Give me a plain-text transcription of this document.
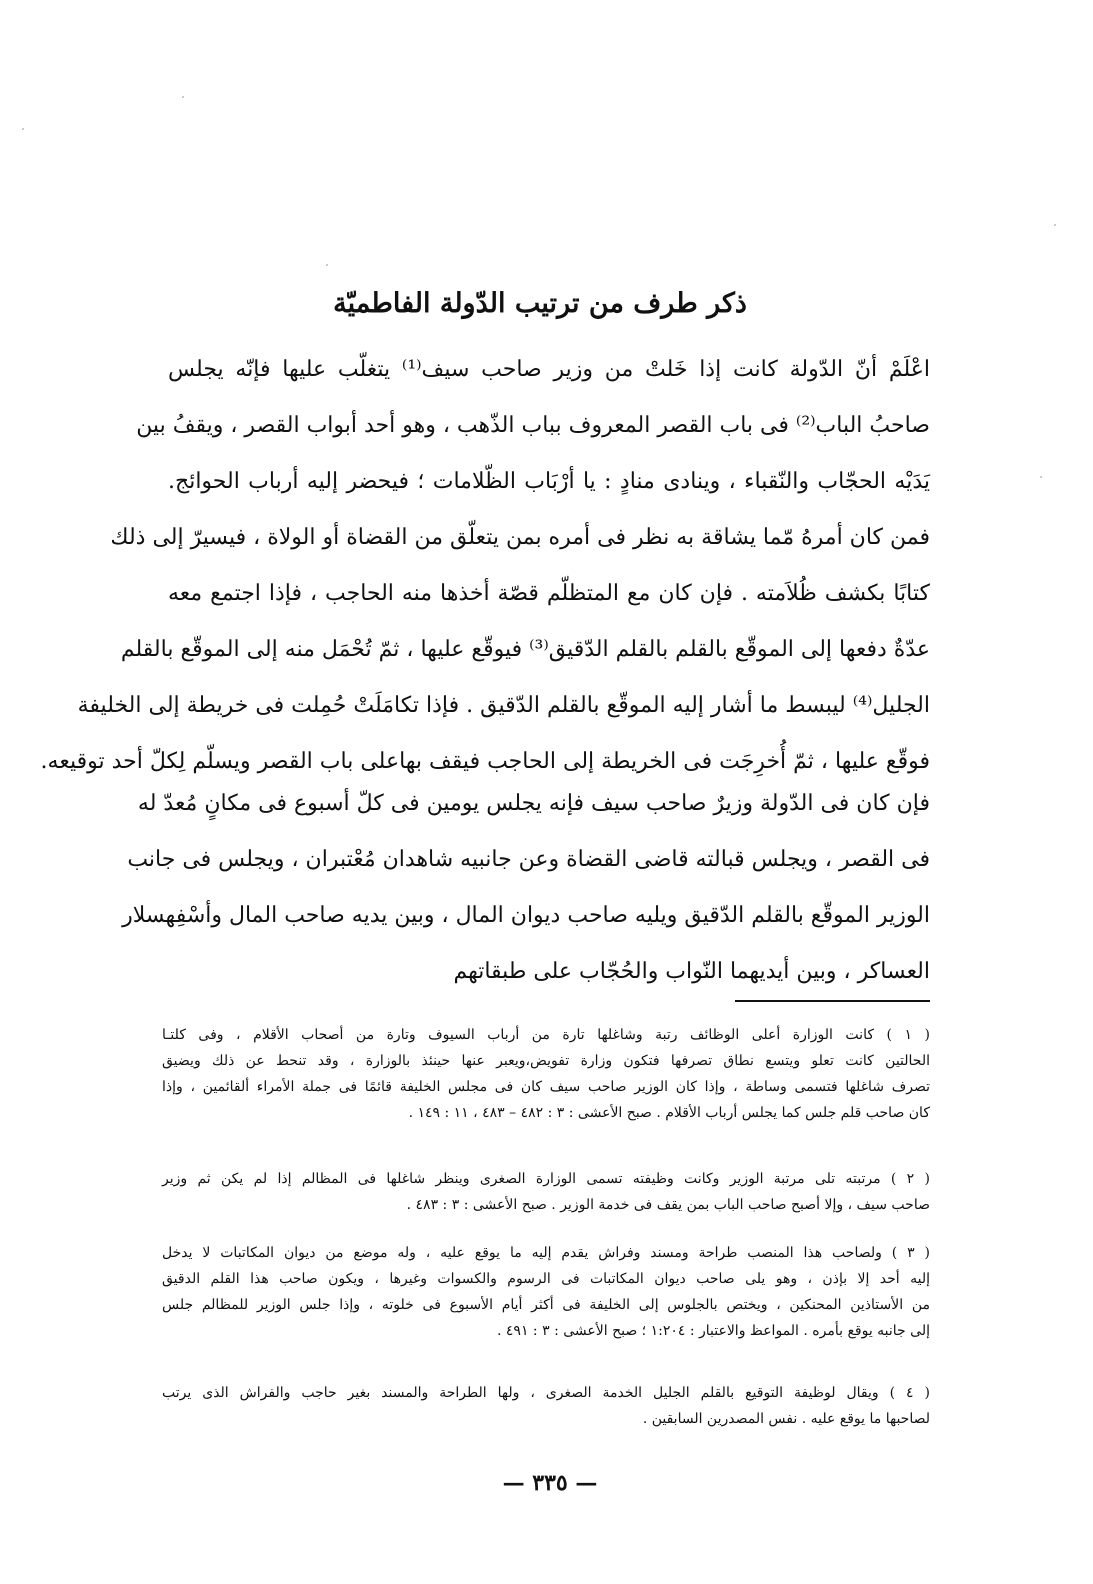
ذكر طرف من ترتيب الدّولة الفاطميّة
اعْلَمْ أنّ الدّولة كانت إذا خَلتْ من وزير صاحب سيف⁽¹⁾ يتغلّب عليها فإنّه يجلس
صاحبُ الباب⁽²⁾ فى باب القصر المعروف بباب الذّهب ، وهو أحد أبواب القصر ، ويقفُ بين
يَدَيْه الحجّاب والنّقباء ، وينادى منادٍ : يا أرْبَاب الظّلامات ؛ فيحضر إليه أرباب الحوائج.
فمن كان أمرهُ مّما يشاقة به نظر فى أمره بمن يتعلّق من القضاة أو الولاة ، فيسيرّ إلى ذلك
كتابًا بكشف ظُلاَمته . فإن كان مع المتظلّم قصّة أخذها منه الحاجب ، فإذا اجتمع معه
عدّةٌ دفعها إلى الموقّع بالقلم بالقلم الدّقيق⁽³⁾ فيوقّع عليها ، ثمّ تُحْمَل منه إلى الموقّع بالقلم
الجليل⁽⁴⁾ ليبسط ما أشار إليه الموقّع بالقلم الدّقيق . فإذا تكامَلَتْ حُمِلت فى خريطة إلى الخليفة
فوقّع عليها ، ثمّ أُخرِجَت فى الخريطة إلى الحاجب فيقف بهاعلى باب القصر ويسلّم لِكلّ أحد توقيعه.
فإن كان فى الدّولة وزيرٌ صاحب سيف فإنه يجلس يومين فى كلّ أسبوع فى مكانٍ مُعدّ له
فى القصر ، ويجلس قبالته قاضى القضاة وعن جانبيه شاهدان مُعْتبران ، ويجلس فى جانب
الوزير الموقّع بالقلم الدّقيق ويليه صاحب ديوان المال ، وبين يديه صاحب المال وأسْفِهسلار
العساكر ، وبين أيديهما النّواب والحُجّاب على طبقاتهم
( ١ ) كانت الوزارة أعلى الوظائف رتبة وشاغلها تارة من أرباب السيوف وتارة من أصحاب الأقلام ، وفى كلتـا
الحالتين كانت تعلو ويتسع نطاق تصرفها فتكون وزارة تفويض،ويعبر عنها حينئذ بالوزارة ، وقد تنحط عن ذلك ويضيق
تصرف شاغلها فتسمى وساطة ، وإذا كان الوزير صاحب سيف كان فى مجلس الخليفة قائمًا فى جملة الأمراء ألقائمين ، وإذا
كان صاحب قلم جلس كما يجلس أرباب الأقلام . صبح الأعشى : ٣ : ٤٨٢ – ٤٨٣ ، ١١ : ١٤٩ .
( ٢ ) مرتبته تلى مرتبة الوزير وكانت وظيفته تسمى الوزارة الصغرى وينظر شاغلها فى المظالم إذا لم يكن ثم وزير
صاحب سيف ، وإلا أصبح صاحب الباب بمن يقف فى خدمة الوزير . صبح الأعشى : ٣ : ٤٨٣ .
( ٣ ) ولصاحب هذا المنصب طراحة ومسند وفراش يقدم إليه ما يوقع عليه ، وله موضع من ديوان المكاتبات لا يدخل
إليه أحد إلا بإذن ، وهو يلى صاحب ديوان المكاتبات فى الرسوم والكسوات وغيرها ، ويكون صاحب هذا القلم الدقيق
من الأستاذين المحنكين ، ويختص بالجلوس إلى الخليفة فى أكثر أيام الأسبوع فى خلوته ، وإذا جلس الوزير للمظالم جلس
إلى جانبه يوقع بأمره . المواعظ والاعتبار : ١:٢٠٤ ؛ صبح الأعشى : ٣ : ٤٩١ .
( ٤ ) ويقال لوظيفة التوقيع بالقلم الجليل الخدمة الصغرى ، ولها الطراحة والمسند بغير حاجب والفراش الذى يرتب
لصاحبها ما يوقع عليه . نفس المصدرين السابقين .
— ٣٣٥ —
